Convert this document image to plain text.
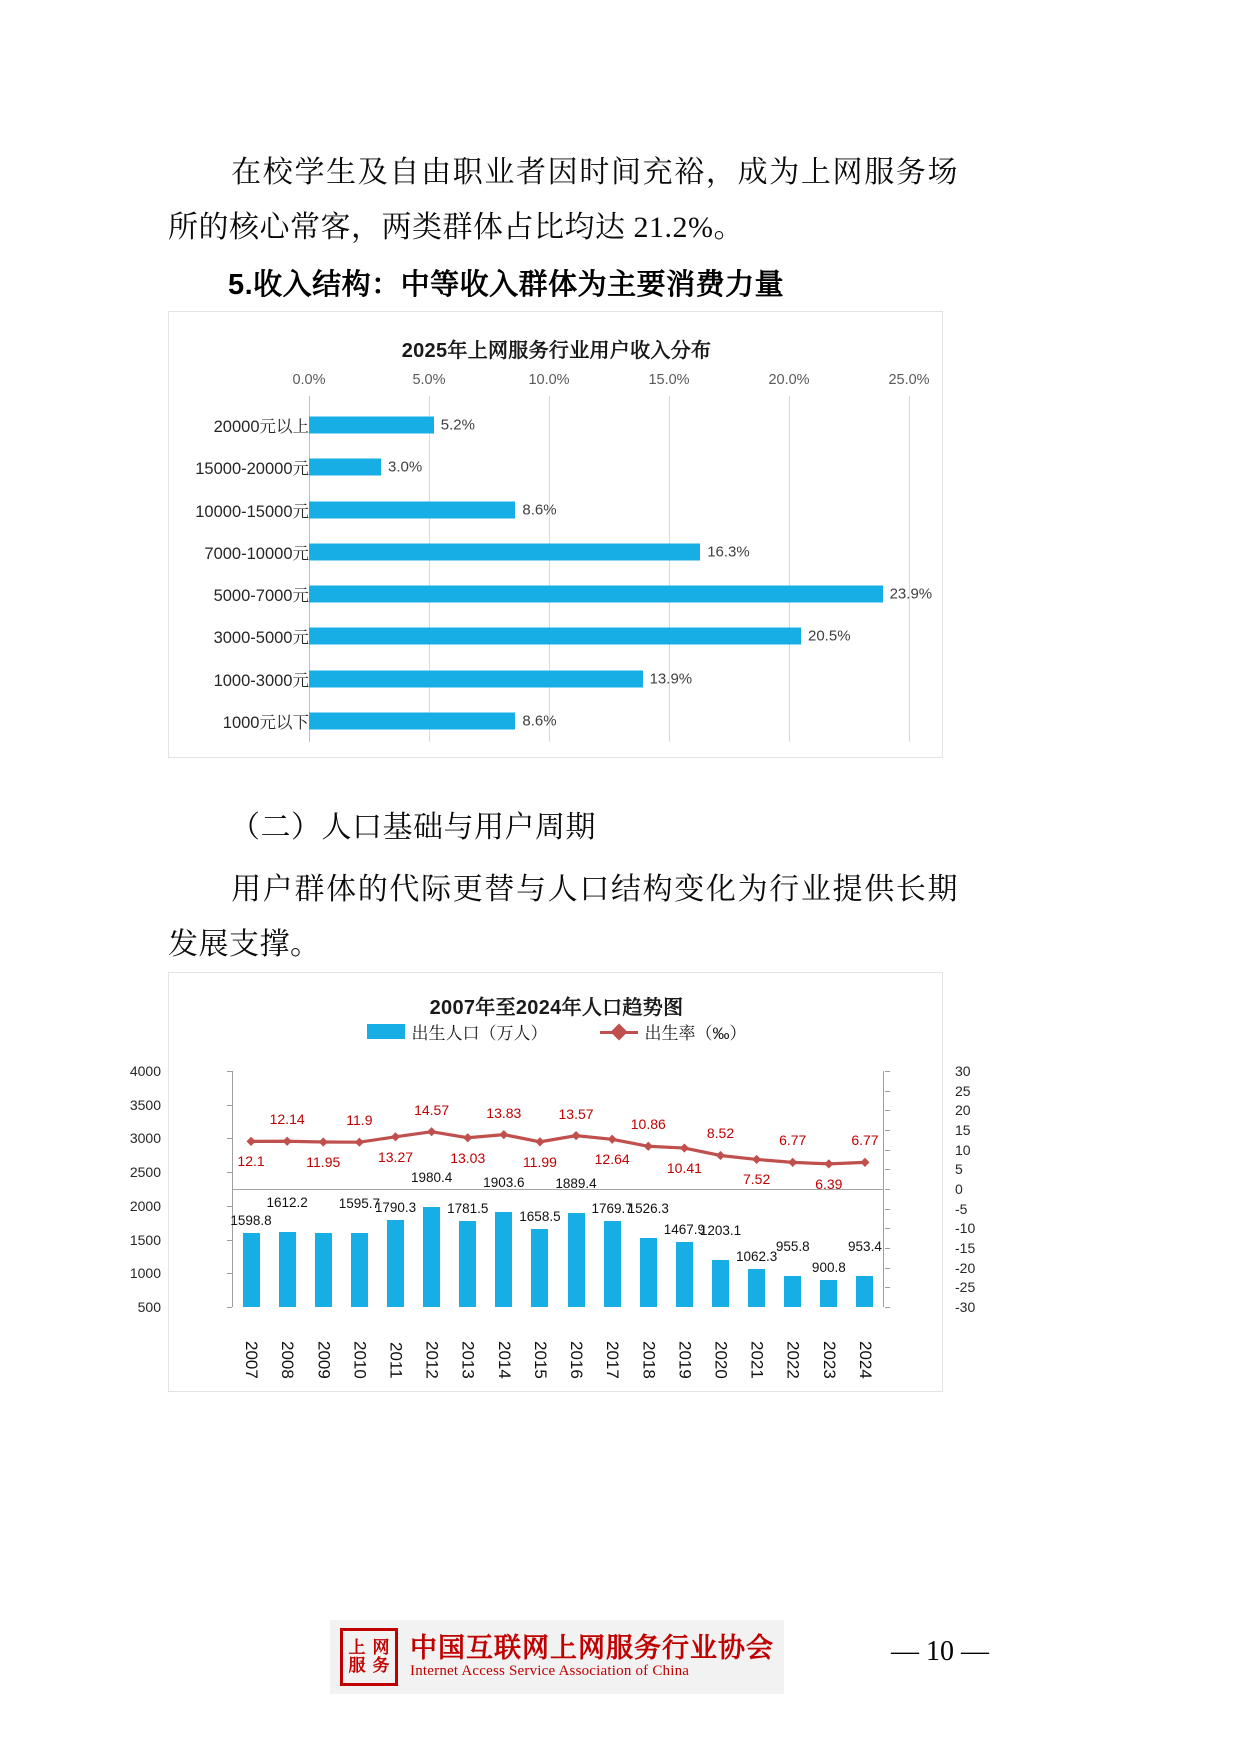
在校学生及自由职业者因时间充裕，成为上网服务场所的核心常客，两类群体占比均达 21.2%。
5.收入结构：中等收入群体为主要消费力量
2025年上网服务行业用户收入分布
0.0%	5.0%	10.0%	15.0%	20.0%	25.0%
20000元以上	5.2%
15000-20000元	3.0%
10000-15000元	8.6%
7000-10000元	16.3%
5000-7000元	23.9%
3000-5000元	20.5%
1000-3000元	13.9%
1000元以下	8.6%
（二）人口基础与用户周期
用户群体的代际更替与人口结构变化为行业提供长期发展支撑。
2007年至2024年人口趋势图
出生人口（万人）	出生率（‰）
500
1000
1500
2000
2500
3000
3500
4000
-30
-25
-20
-15
-10
-5
0
5
10
15
20
25
30
1598.8
1612.2 1595.7
1790.3
1980.4
1781.5
1903.6
1658.5
1889.4
1769.7
1526.3
1467.9
1203.1
1062.3
955.8
900.8
953.4
12.1
12.14
11.95
11.9
13.27
14.57
13.03
13.83
11.99
13.57
12.64
10.86
10.41
8.52
7.52
6.77
6.39
6.77
2007 2008 2009 2010 2011 2012 2013 2014 2015 2016 2017 2018 2019 2020 2021 2022 2023 2024
上 网
服 务
中国互联网上网服务行业协会
Internet Access Service Association of China
— 10 —
